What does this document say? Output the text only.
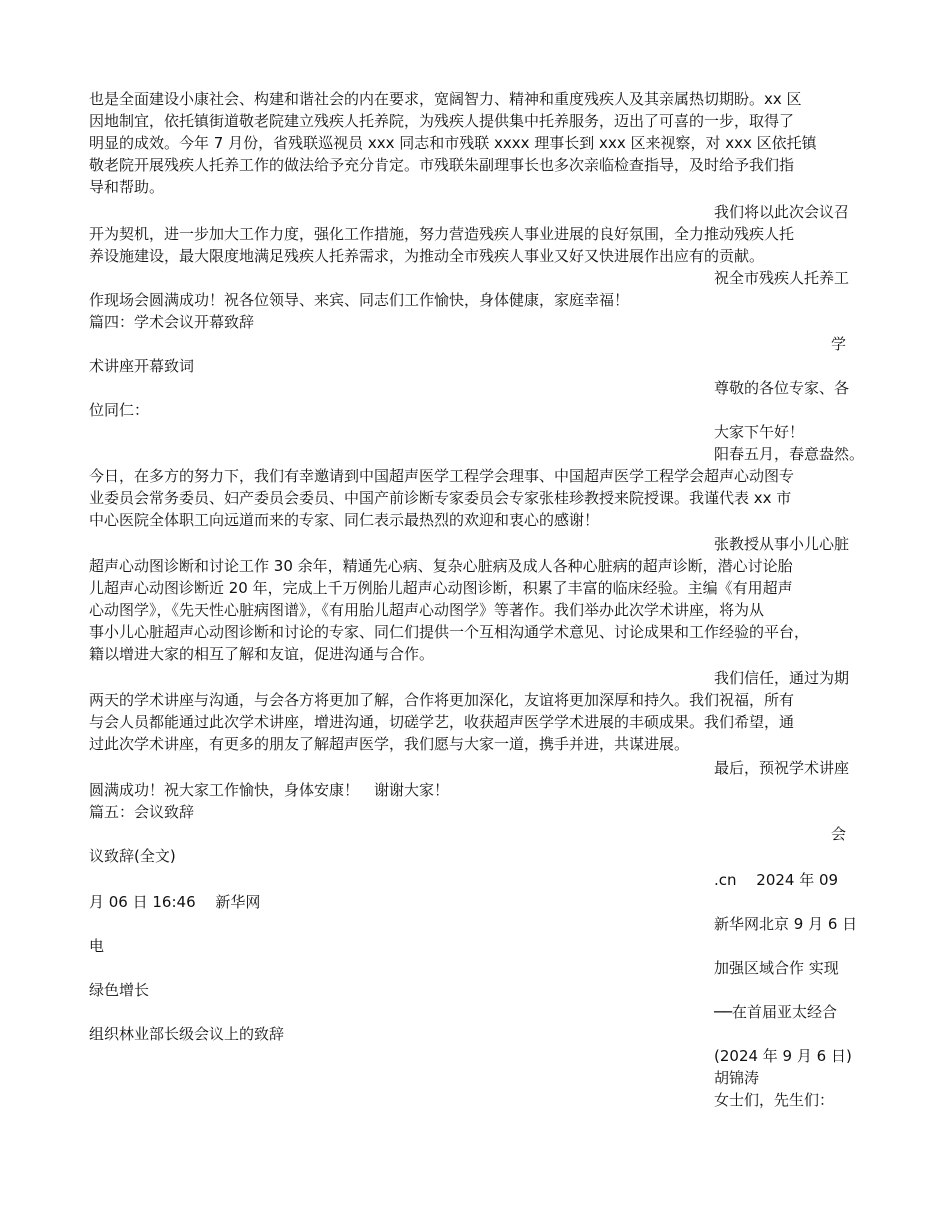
也是全面建设小康社会、构建和谐社会的内在要求，宽阔智力、精神和重度残疾人及其亲属热切期盼。xx 区
因地制宜，依托镇街道敬老院建立残疾人托养院，为残疾人提供集中托养服务，迈出了可喜的一步，取得了
明显的成效。今年 7 月份，省残联巡视员 xxx 同志和市残联 xxxx 理事长到 xxx 区来视察，对 xxx 区依托镇
敬老院开展残疾人托养工作的做法给予充分肯定。市残联朱副理事长也多次亲临检查指导，及时给予我们指
导和帮助。
我们将以此次会议召
开为契机，进一步加大工作力度，强化工作措施，努力营造残疾人事业进展的良好氛围，全力推动残疾人托
养设施建设，最大限度地满足残疾人托养需求，为推动全市残疾人事业又好又快进展作出应有的贡献。
祝全市残疾人托养工
作现场会圆满成功！祝各位领导、来宾、同志们工作愉快，身体健康，家庭幸福！
篇四：学术会议开幕致辞
学
术讲座开幕致词
尊敬的各位专家、各
位同仁：
大家下午好！
阳春五月，春意盎然。
今日，在多方的努力下，我们有幸邀请到中国超声医学工程学会理事、中国超声医学工程学会超声心动图专
业委员会常务委员、妇产委员会委员、中国产前诊断专家委员会专家张桂珍教授来院授课。我谨代表 xx 市
中心医院全体职工向远道而来的专家、同仁表示最热烈的欢迎和衷心的感谢！
张教授从事小儿心脏
超声心动图诊断和讨论工作 30 余年，精通先心病、复杂心脏病及成人各种心脏病的超声诊断，潜心讨论胎
儿超声心动图诊断近 20 年，完成上千万例胎儿超声心动图诊断，积累了丰富的临床经验。主编《有用超声
心动图学》，《先天性心脏病图谱》，《有用胎儿超声心动图学》等著作。我们举办此次学术讲座，将为从
事小儿心脏超声心动图诊断和讨论的专家、同仁们提供一个互相沟通学术意见、讨论成果和工作经验的平台，
籍以增进大家的相互了解和友谊，促进沟通与合作。
我们信任，通过为期
两天的学术讲座与沟通，与会各方将更加了解，合作将更加深化，友谊将更加深厚和持久。我们祝福，所有
与会人员都能通过此次学术讲座，增进沟通，切磋学艺，收获超声医学学术进展的丰硕成果。我们希望，通
过此次学术讲座，有更多的朋友了解超声医学，我们愿与大家一道，携手并进，共谋进展。
最后，预祝学术讲座
圆满成功！祝大家工作愉快，身体安康！　谢谢大家！
篇五：会议致辞
会
议致辞(全文)
.cn　 2024 年 09
月 06 日 16:46　 新华网
新华网北京 9 月 6 日
电
加强区域合作 实现
绿色增长
──在首届亚太经合
组织林业部长级会议上的致辞
(2024 年 9 月 6 日)
胡锦涛
女士们，先生们：
